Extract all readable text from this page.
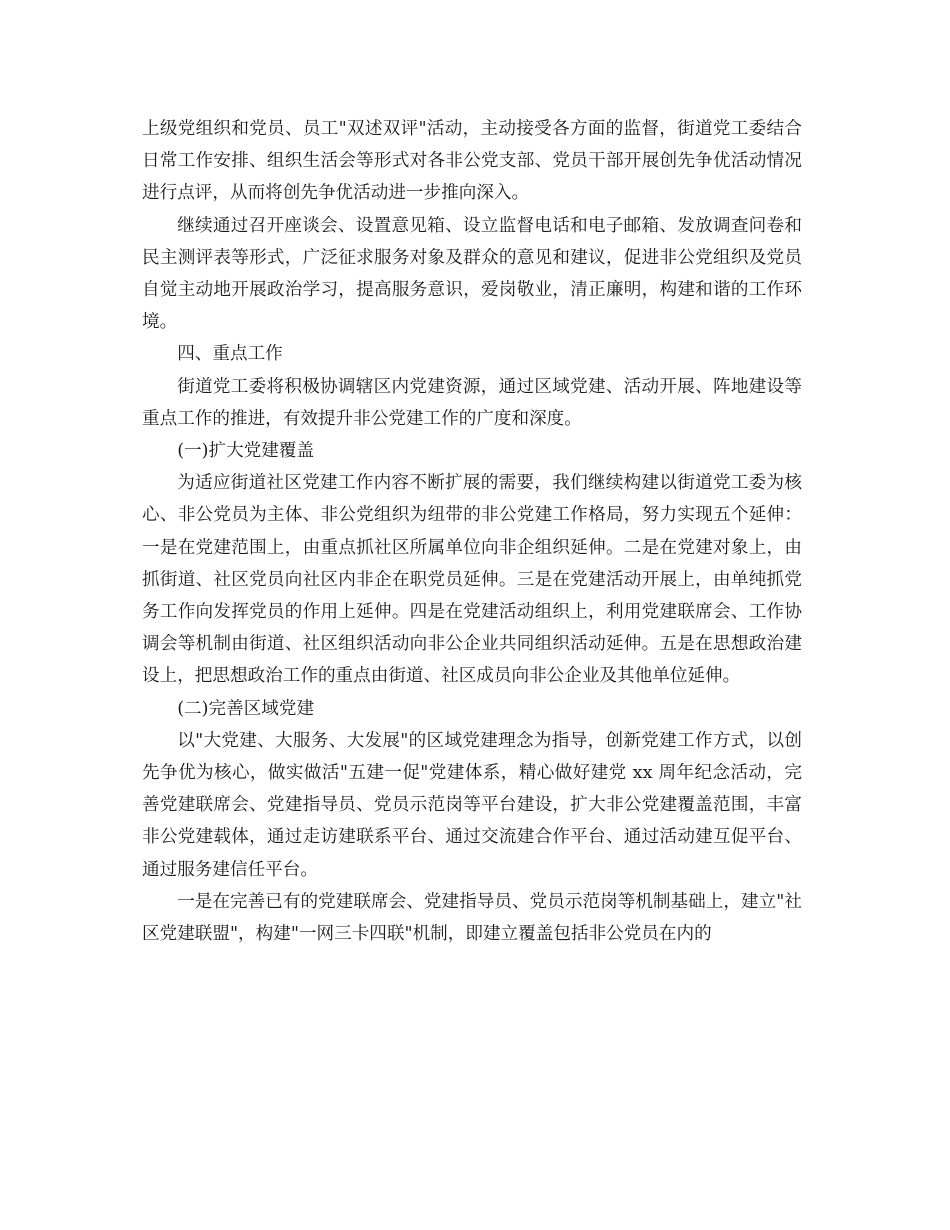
上级党组织和党员、员工"双述双评"活动，主动接受各方面的监督，街道党工委结合日常工作安排、组织生活会等形式对各非公党支部、党员干部开展创先争优活动情况进行点评，从而将创先争优活动进一步推向深入。

继续通过召开座谈会、设置意见箱、设立监督电话和电子邮箱、发放调查问卷和民主测评表等形式，广泛征求服务对象及群众的意见和建议，促进非公党组织及党员自觉主动地开展政治学习，提高服务意识，爱岗敬业，清正廉明，构建和谐的工作环境。

四、重点工作

街道党工委将积极协调辖区内党建资源，通过区域党建、活动开展、阵地建设等重点工作的推进，有效提升非公党建工作的广度和深度。

(一)扩大党建覆盖

为适应街道社区党建工作内容不断扩展的需要，我们继续构建以街道党工委为核心、非公党员为主体、非公党组织为纽带的非公党建工作格局，努力实现五个延伸：一是在党建范围上，由重点抓社区所属单位向非企组织延伸。二是在党建对象上，由抓街道、社区党员向社区内非企在职党员延伸。三是在党建活动开展上，由单纯抓党务工作向发挥党员的作用上延伸。四是在党建活动组织上，利用党建联席会、工作协调会等机制由街道、社区组织活动向非公企业共同组织活动延伸。五是在思想政治建设上，把思想政治工作的重点由街道、社区成员向非公企业及其他单位延伸。

(二)完善区域党建

以"大党建、大服务、大发展"的区域党建理念为指导，创新党建工作方式，以创先争优为核心，做实做活"五建一促"党建体系，精心做好建党 xx 周年纪念活动，完善党建联席会、党建指导员、党员示范岗等平台建设，扩大非公党建覆盖范围，丰富非公党建载体，通过走访建联系平台、通过交流建合作平台、通过活动建互促平台、通过服务建信任平台。

一是在完善已有的党建联席会、党建指导员、党员示范岗等机制基础上，建立"社区党建联盟"，构建"一网三卡四联"机制，即建立覆盖包括非公党员在内的
